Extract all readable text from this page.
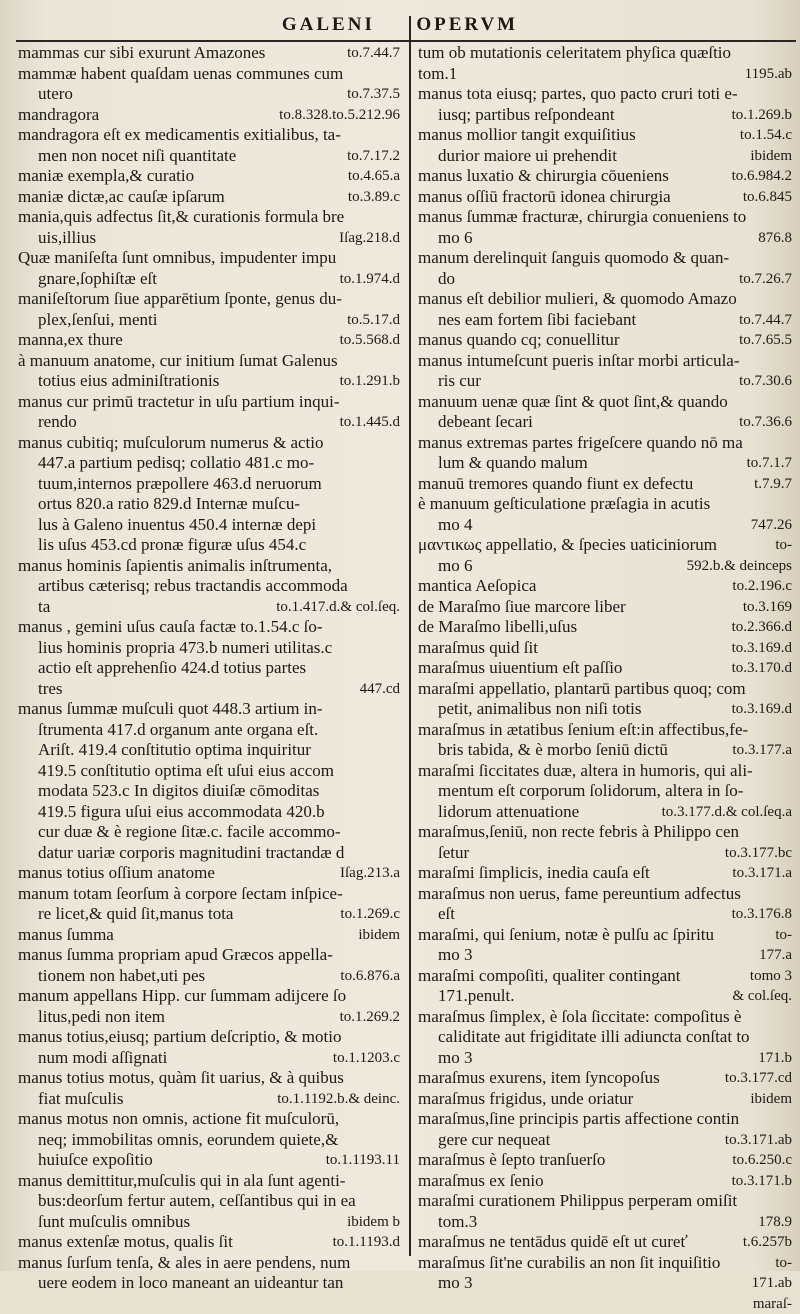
GALENI OPERVM
mammas cur sibi exurunt Amazones	to.7.44.7
mammæ habent quaſdam uenas communes cum
utero	to.7.37.5
mandragora	to.8.328.to.5.212.96
mandragora eſt ex medicamentis exitialibus, ta-
men non nocet niſi quantitate	to.7.17.2
maniæ exempla,& curatio	to.4.65.a
maniæ dictæ,ac cauſæ ipſarum	to.3.89.c
mania,quis adfectus ſit,& curationis formula bre
uis,illius	Iſag.218.d
Quæ maniſeſta ſunt omnibus, impudenter impu
gnare,ſophiſtæ eſt	to.1.974.d
maniſeſtorum ſiue apparētium ſponte, genus du-
plex,ſenſui, menti	to.5.17.d
manna,ex thure	to.5.568.d
à manuum anatome, cur initium ſumat Galenus
totius eius adminiſtrationis	to.1.291.b
manus cur primū tractetur in uſu partium inqui-
rendo	to.1.445.d
manus cubitiq; muſculorum numerus & actio
447.a partium pedisq; collatio 481.c mo-
tuum,internos præpollere 463.d neruorum
ortus 820.a ratio 829.d Internæ muſcu-
lus à Galeno inuentus 450.4 internæ depi
lis uſus 453.cd pronæ figuræ uſus 454.c
manus hominis ſapientis animalis inſtrumenta,
artibus cæterisq; rebus tractandis accommoda
ta	to.1.417.d.& col.ſeq.
manus , gemini uſus cauſa factæ to.1.54.c ſo-
lius hominis propria 473.b numeri utilitas.c
actio eſt apprehenſio 424.d totius partes
tres	447.cd
manus ſummæ muſculi quot 448.3 artium in-
ſtrumenta 417.d organum ante organa eſt.
Ariſt. 419.4 conſtitutio optima inquiritur
419.5 conſtitutio optima eſt uſui eius accom
modata 523.c In digitos diuiſæ cōmoditas
419.5 figura uſui eius accommodata 420.b
cur duæ & è regione ſitæ.c. facile accommo-
datur uariæ corporis magnitudini tractandæ d
manus totius oſſium anatome	Iſag.213.a
manum totam ſeorſum à corpore ſectam inſpice-
re licet,& quid ſit,manus tota	to.1.269.c
manus ſumma	ibidem
manus ſumma propriam apud Græcos appella-
tionem non habet,uti pes	to.6.876.a
manum appellans Hipp. cur ſummam adijcere ſo
litus,pedi non item	to.1.269.2
manus totius,eiusq; partium deſcriptio, & motio
num modi aſſignati	to.1.1203.c
manus totius motus, quàm ſit uarius, & à quibus
fiat muſculis	to.1.1192.b.& deinc.
manus motus non omnis, actione fit muſculorū,
neq; immobilitas omnis, eorundem quiete,&
huiuſce expoſitio	to.1.1193.11
manus demittitur,muſculis qui in ala ſunt agenti-
bus:deorſum fertur autem, ceſſantibus qui in ea
ſunt muſculis omnibus	ibidem b
manus extenſæ motus, qualis ſit	to.1.1193.d
manus ſurſum tenſa, & ales in aere pendens, num
uere eodem in loco maneant an uideantur tan
tum ob mutationis celeritatem phyſica quæſtio
tom.1	1195.ab
manus tota eiusq; partes, quo pacto cruri toti e-
iusq; partibus reſpondeant	to.1.269.b
manus mollior tangit exquiſitius	to.1.54.c
durior maiore ui prehendit	ibidem
manus luxatio & chirurgia cōueniens	to.6.984.2
manus oſſiū fractorū idonea chirurgia	to.6.845
manus ſummæ fracturæ, chirurgia conueniens to
mo 6	876.8
manum derelinquit ſanguis quomodo & quan-
do	to.7.26.7
manus eſt debilior mulieri, & quomodo Amazo
nes eam fortem ſibi faciebant	to.7.44.7
manus quando cq; conuellitur	to.7.65.5
manus intumeſcunt pueris inſtar morbi articula-
ris cur	to.7.30.6
manuum uenæ quæ ſint & quot ſint,& quando
debeant ſecari	to.7.36.6
manus extremas partes frigeſcere quando nō ma
lum & quando malum	to.7.1.7
manuū tremores quando fiunt ex defectu	t.7.9.7
è manuum geſticulatione præſagia in acutis
mo 4	747.26
μαντικως appellatio, & ſpecies uaticiniorum	to-
mo 6	592.b.& deinceps
mantica Aeſopica	to.2.196.c
de Maraſmo ſiue marcore liber	to.3.169
de Maraſmo libelli,uſus	to.2.366.d
maraſmus quid ſit	to.3.169.d
maraſmus uiuentium eſt paſſio	to.3.170.d
maraſmi appellatio, plantarū partibus quoq; com
petit, animalibus non niſi totis	to.3.169.d
maraſmus in ætatibus ſenium eſt:in affectibus,fe-
bris tabida, & è morbo ſeniū dictū	to.3.177.a
maraſmi ſiccitates duæ, altera in humoris, qui ali-
mentum eſt corporum ſolidorum, altera in ſo-
lidorum attenuatione	to.3.177.d.& col.ſeq.a
maraſmus,ſeniū, non recte febris à Philippo cen
ſetur	to.3.177.bc
maraſmi ſimplicis, inedia cauſa eſt	to.3.171.a
maraſmus non uerus, fame pereuntium adfectus
eſt	to.3.176.8
maraſmi, qui ſenium, notæ è pulſu ac ſpiritu	to-
mo 3	177.a
maraſmi compoſiti, qualiter contingant	tomo 3
171.penult.	& col.ſeq.
maraſmus ſimplex, è ſola ſiccitate: compoſitus è
caliditate aut frigiditate illi adiuncta conſtat to
mo 3	171.b
maraſmus exurens, item ſyncopoſus	to.3.177.cd
maraſmus frigidus, unde oriatur	ibidem
maraſmus,ſine principis partis affectione contin
gere cur nequeat	to.3.171.ab
maraſmus è ſepto tranſuerſo	to.6.250.c
maraſmus ex ſenio	to.3.171.b
maraſmi curationem Philippus perperam omiſit
tom.3	178.9
maraſmus ne tentādus quidē eſt ut cureť	t.6.257b
maraſmus ſit'ne curabilis an non ſit inquiſitio	to-
mo 3	171.ab
maraſ-
